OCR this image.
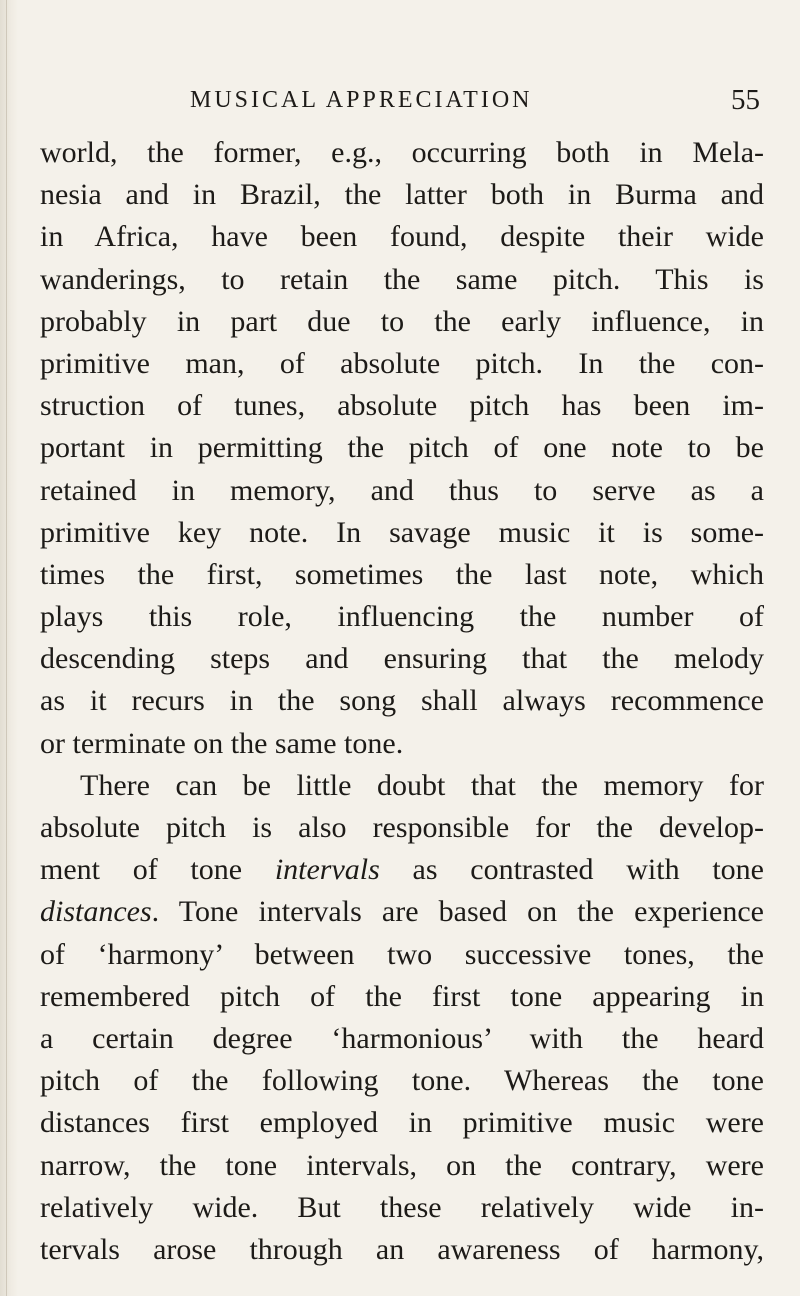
MUSICAL APPRECIATION	55
world, the former, e.g., occurring both in Mela-
nesia and in Brazil, the latter both in Burma and
in Africa, have been found, despite their wide
wanderings, to retain the same pitch. This is
probably in part due to the early influence, in
primitive man, of absolute pitch. In the con-
struction of tunes, absolute pitch has been im-
portant in permitting the pitch of one note to be
retained in memory, and thus to serve as a
primitive key note. In savage music it is some-
times the first, sometimes the last note, which
plays this role, influencing the number of
descending steps and ensuring that the melody
as it recurs in the song shall always recommence
or terminate on the same tone.
There can be little doubt that the memory for
absolute pitch is also responsible for the develop-
ment of tone intervals as contrasted with tone
distances. Tone intervals are based on the experience
of ‘harmony’ between two successive tones, the
remembered pitch of the first tone appearing in
a certain degree ‘harmonious’ with the heard
pitch of the following tone. Whereas the tone
distances first employed in primitive music were
narrow, the tone intervals, on the contrary, were
relatively wide. But these relatively wide in-
tervals arose through an awareness of harmony,
